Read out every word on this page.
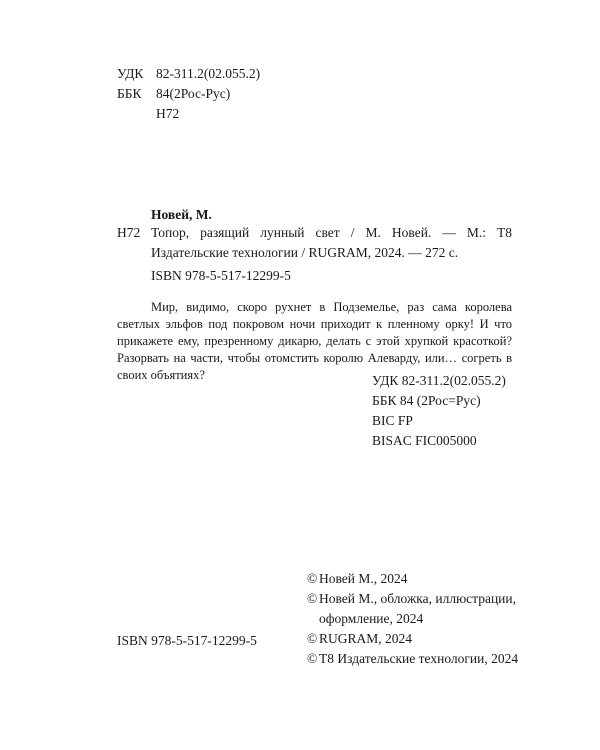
УДК 82-311.2(02.055.2)
ББК	84(2Рос-Рус)
Н72
Новей, М.
Н72 Топор, разящий лунный свет / М. Новей. — М.: Т8 Издательские технологии / RUGRAM, 2024. — 272 с.
ISBN 978-5-517-12299-5

Мир, видимо, скоро рухнет в Подземелье, раз сама королева светлых эльфов под покровом ночи приходит к пленному орку! И что прикажете ему, презренному дикарю, делать с этой хрупкой красоткой? Разорвать на части, чтобы отомстить королю Алеварду, или… согреть в своих объятиях?	УДК 82-311.2(02.055.2)
ББК 84 (2Рос=Рус)
BIC FP
BISAC FIC005000
© Новей М., 2024
© Новей М., обложка, иллюстрации,
оформление, 2024
© RUGRAM, 2024
© Т8 Издательские технологии, 2024
ISBN 978-5-517-12299-5
